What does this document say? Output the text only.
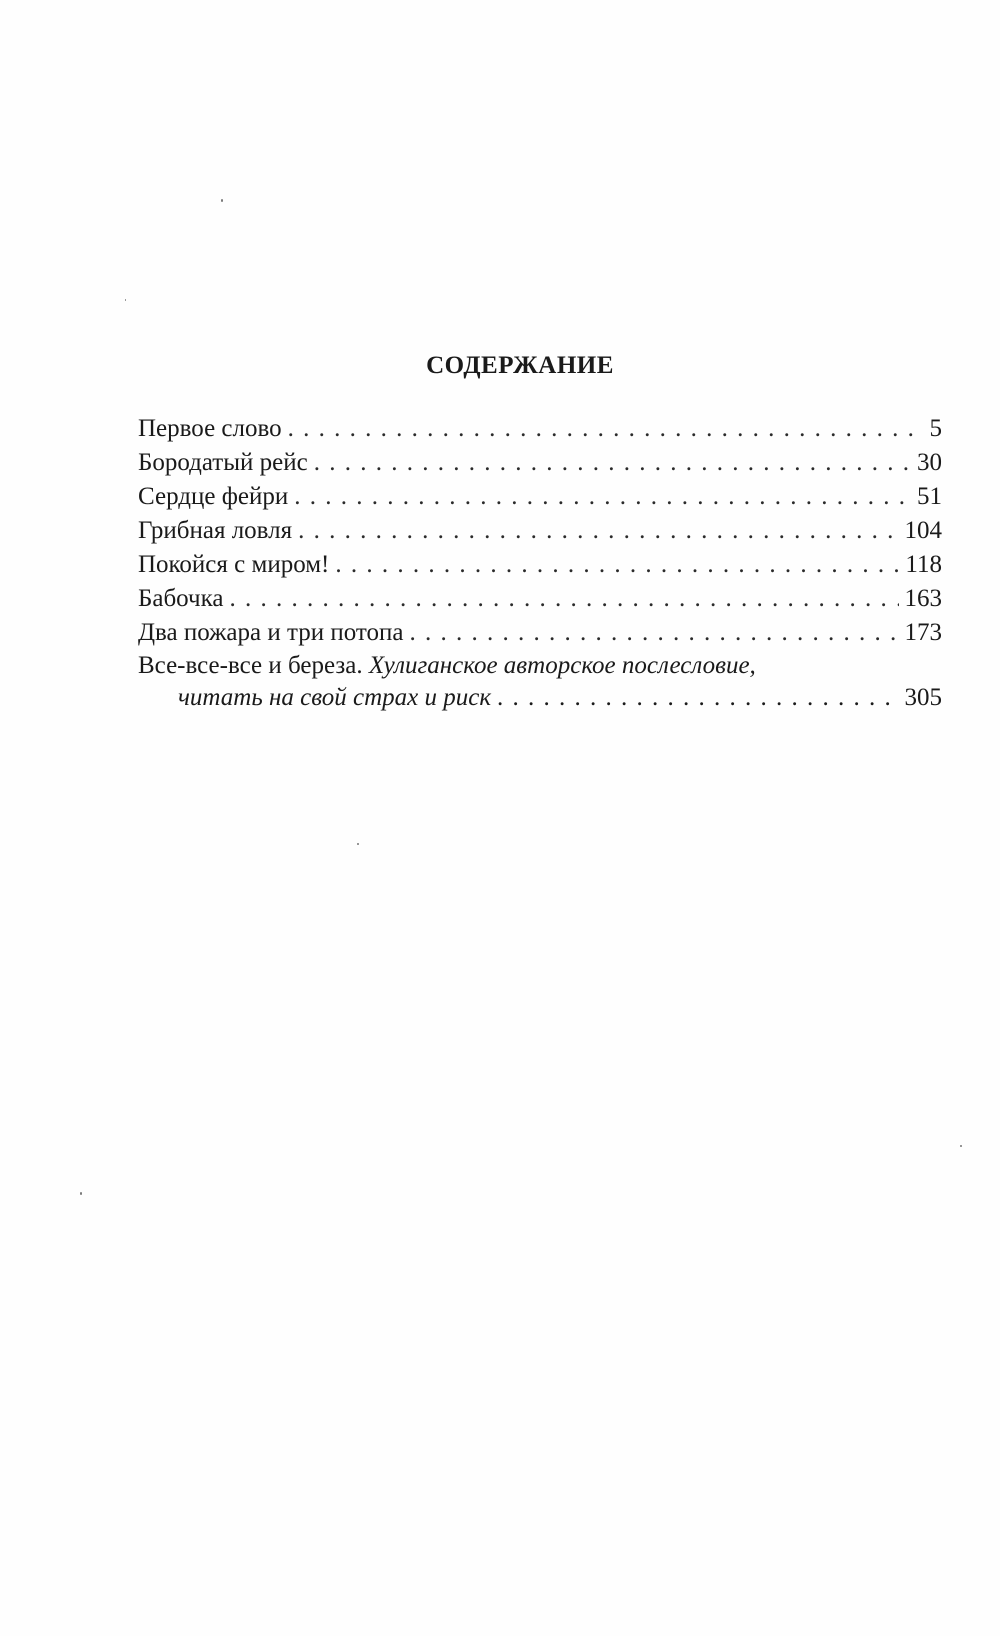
СОДЕРЖАНИЕ
Первое слово . . .	5
Бородатый рейс . . .	30
Сердце фейри . . .	51
Грибная ловля . . .	104
Покойся с миром! . . .	118
Бабочка . . .	163
Два пожара и три потопа . . .	173
Все-все-все и береза. Хулиганское авторское послесловие,
читать на свой страх и риск . . .	305
